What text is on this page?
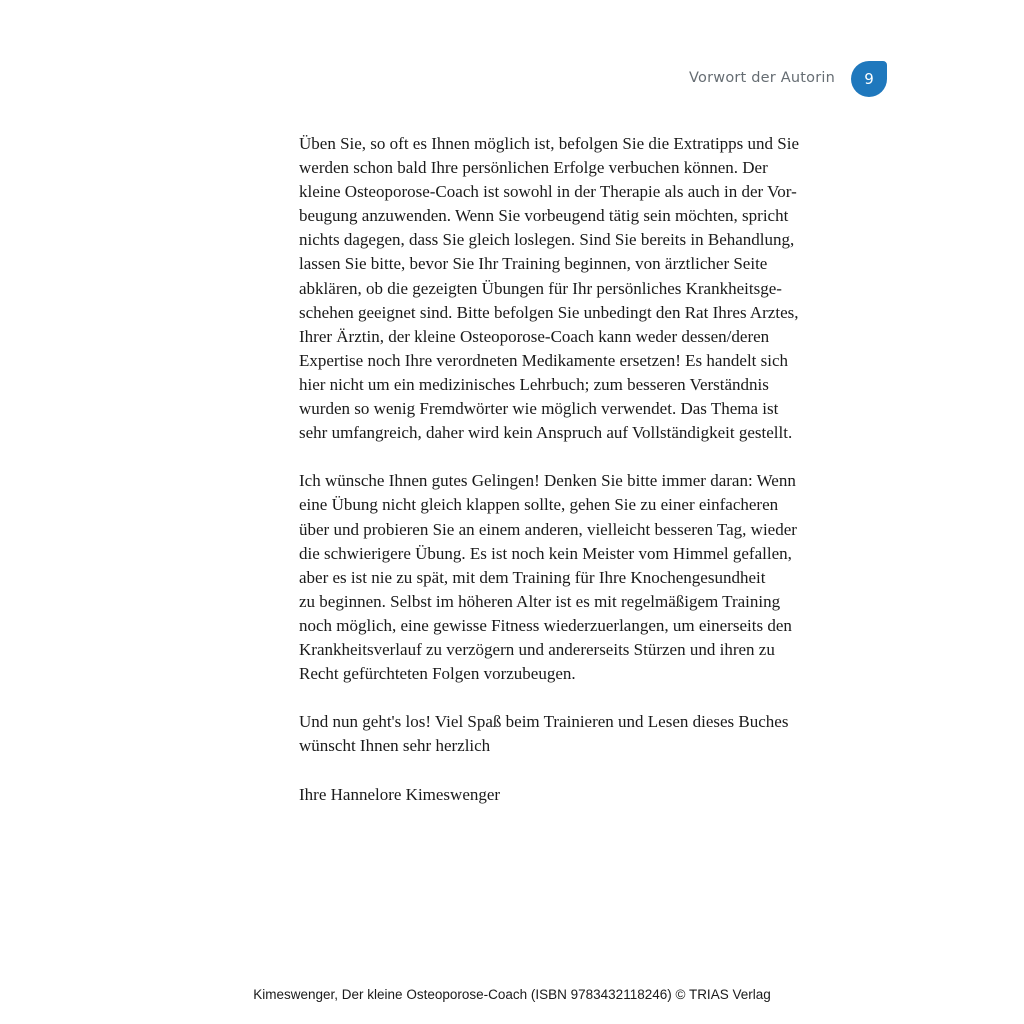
Vorwort der Autorin	9

Üben Sie, so oft es Ihnen möglich ist, befolgen Sie die Extratipps und Sie
werden schon bald Ihre persönlichen Erfolge verbuchen können. Der
kleine Osteoporose-Coach ist sowohl in der Therapie als auch in der Vor-
beugung anzuwenden. Wenn Sie vorbeugend tätig sein möchten, spricht
nichts dagegen, dass Sie gleich loslegen. Sind Sie bereits in Behandlung,
lassen Sie bitte, bevor Sie Ihr Training beginnen, von ärztlicher Seite
abklären, ob die gezeigten Übungen für Ihr persönliches Krankheitsge-
schehen geeignet sind. Bitte befolgen Sie unbedingt den Rat Ihres Arztes,
Ihrer Ärztin, der kleine Osteoporose-Coach kann weder dessen/deren
Expertise noch Ihre verordneten Medikamente ersetzen! Es handelt sich
hier nicht um ein medizinisches Lehrbuch; zum besseren Verständnis
wurden so wenig Fremdwörter wie möglich verwendet. Das Thema ist
sehr umfangreich, daher wird kein Anspruch auf Vollständigkeit gestellt.

Ich wünsche Ihnen gutes Gelingen! Denken Sie bitte immer daran: Wenn
eine Übung nicht gleich klappen sollte, gehen Sie zu einer einfacheren
über und probieren Sie an einem anderen, vielleicht besseren Tag, wieder
die schwierigere Übung. Es ist noch kein Meister vom Himmel gefallen,
aber es ist nie zu spät, mit dem Training für Ihre Knochengesundheit
zu beginnen. Selbst im höheren Alter ist es mit regelmäßigem Training
noch möglich, eine gewisse Fitness wiederzuerlangen, um einerseits den
Krankheitsverlauf zu verzögern und andererseits Stürzen und ihren zu
Recht gefürchteten Folgen vorzubeugen.

Und nun geht's los! Viel Spaß beim Trainieren und Lesen dieses Buches
wünscht Ihnen sehr herzlich

Ihre Hannelore Kimeswenger

Kimeswenger, Der kleine Osteoporose-Coach (ISBN 9783432118246) © TRIAS Verlag
